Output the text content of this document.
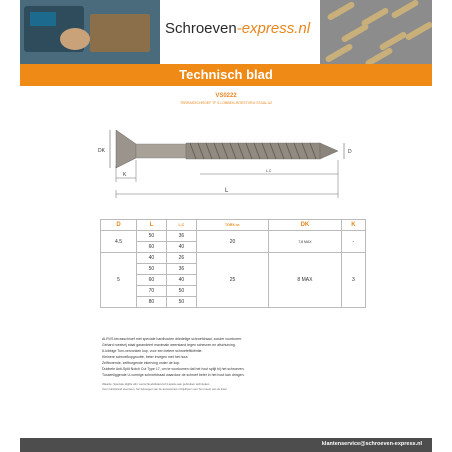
Schroeven-express.nl
Technisch blad
VS0222
TERRASSCHROEF TF 6 LOBBEN-ROESTVRIJ STAAL A2
DK	D
K
L.C
L
D	L	L.C	TORX nr.	DK	K
4.5	50	36	20	7,8 MAX	-
	60	40			
5	40	26	25	8 MAX	3
	50	36			
	60	40			
	70	50			
	80	50			
Al-RVS terrasschroef met speciale hardhouten driedelige schroefdraad, zonder voorboren.
Gehard roestvrij staal garandeert maximale weerstand tegen scheuren en afschuiving.
6-lobbige Torx-verzonken kop, voor een betere schroefefficiëntie.
Kleinere schroefkopgrootte, beter invegen met het hout.
Zelfborende, zelfborgende inkerving onder de kop.
Dubbele Anti-Split Notch Cut Type 17, om te voorkomen dat het hout splijt bij het schroeven.
Tussenliggende U-vormige schroefdraad waardoor de schroef beter in het hout kan dringen.
Waarde: Speciale afgifte afm voorschroefafstand af 4 aparte aan gebruiken technieken.
Voor zuinistrand stoorteen, het bijvoegen van de accessories of bijdrijver voor het meest van de kwer.
klantenservice@schroeven-express.nl
